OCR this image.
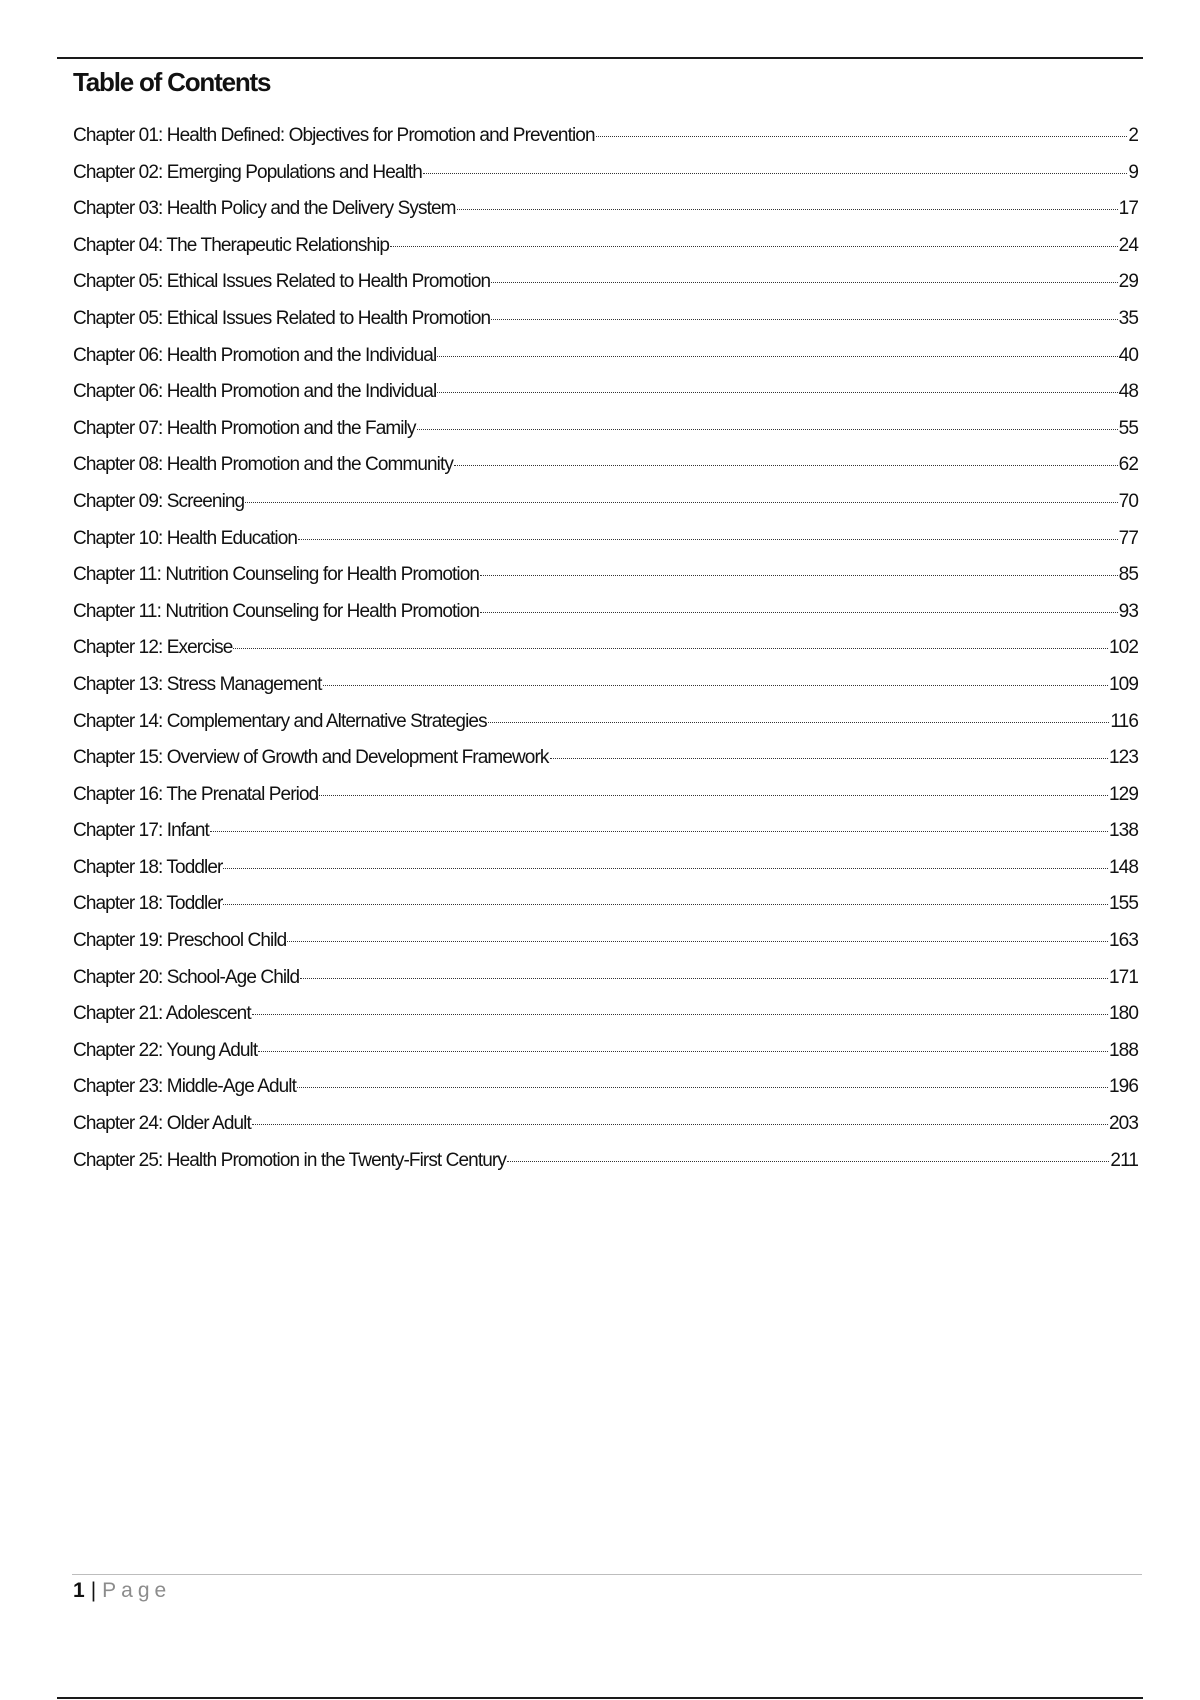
Table of Contents
Chapter 01: Health Defined: Objectives for Promotion and Prevention	2
Chapter 02: Emerging Populations and Health	9
Chapter 03: Health Policy and the Delivery System	17
Chapter 04: The Therapeutic Relationship	24
Chapter 05: Ethical Issues Related to Health Promotion	29
Chapter 05: Ethical Issues Related to Health Promotion	35
Chapter 06: Health Promotion and the Individual	40
Chapter 06: Health Promotion and the Individual	48
Chapter 07: Health Promotion and the Family	55
Chapter 08: Health Promotion and the Community	62
Chapter 09: Screening	70
Chapter 10: Health Education	77
Chapter 11: Nutrition Counseling for Health Promotion	85
Chapter 11: Nutrition Counseling for Health Promotion	93
Chapter 12: Exercise	102
Chapter 13: Stress Management	109
Chapter 14: Complementary and Alternative Strategies	116
Chapter 15: Overview of Growth and Development Framework	123
Chapter 16: The Prenatal Period	129
Chapter 17: Infant	138
Chapter 18: Toddler	148
Chapter 18: Toddler	155
Chapter 19: Preschool Child	163
Chapter 20: School-Age Child	171
Chapter 21: Adolescent	180
Chapter 22: Young Adult	188
Chapter 23: Middle-Age Adult	196
Chapter 24: Older Adult	203
Chapter 25: Health Promotion in the Twenty-First Century	211
1 | Page
